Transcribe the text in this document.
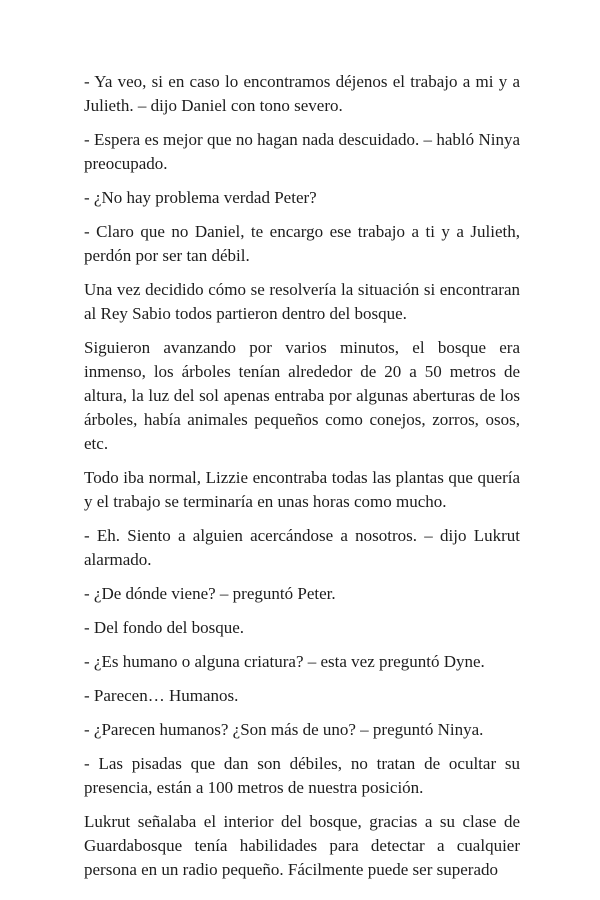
- Ya veo, si en caso lo encontramos déjenos el trabajo a mi y a Julieth. – dijo Daniel con tono severo.

- Espera es mejor que no hagan nada descuidado. – habló Ninya preocupado.

- ¿No hay problema verdad Peter?

- Claro que no Daniel, te encargo ese trabajo a ti y a Julieth, perdón por ser tan débil.

Una vez decidido cómo se resolvería la situación si encontraran al Rey Sabio todos partieron dentro del bosque.

Siguieron avanzando por varios minutos, el bosque era inmenso, los árboles tenían alrededor de 20 a 50 metros de altura, la luz del sol apenas entraba por algunas aberturas de los árboles, había animales pequeños como conejos, zorros, osos, etc.

Todo iba normal, Lizzie encontraba todas las plantas que quería y el trabajo se terminaría en unas horas como mucho.

- Eh. Siento a alguien acercándose a nosotros. – dijo Lukrut alarmado.

- ¿De dónde viene? – preguntó Peter.

- Del fondo del bosque.

- ¿Es humano o alguna criatura? – esta vez preguntó Dyne.

- Parecen… Humanos.

- ¿Parecen humanos? ¿Son más de uno? – preguntó Ninya.

- Las pisadas que dan son débiles, no tratan de ocultar su presencia, están a 100 metros de nuestra posición.

Lukrut señalaba el interior del bosque, gracias a su clase de Guardabosque tenía habilidades para detectar a cualquier persona en un radio pequeño. Fácilmente puede ser superado
